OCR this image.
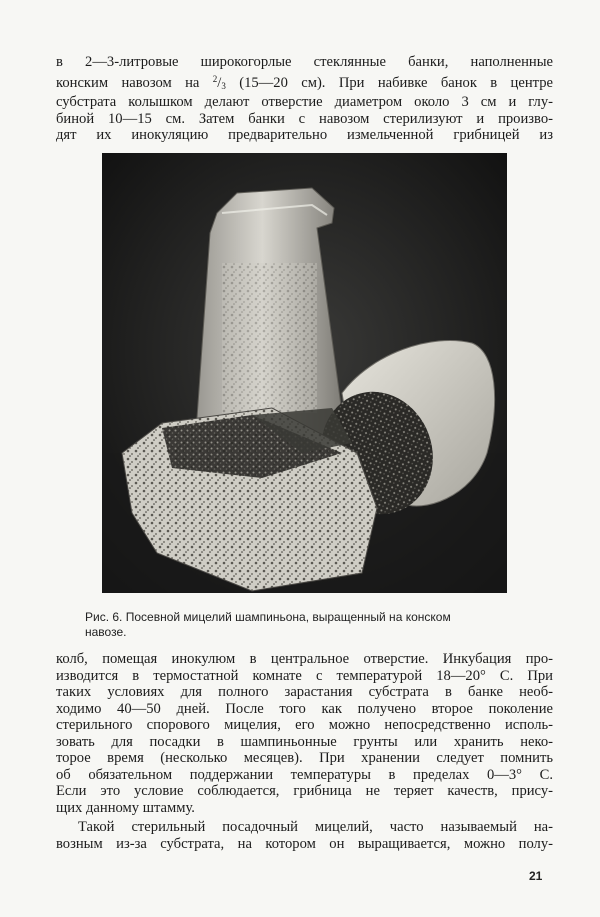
в 2—3-литровые широкогорлые стеклянные банки, наполненные
конским навозом на $^2/_3$ (15—20 см). При набивке банок в центре
субстрата колышком делают отверстие диаметром около 3 см и глу-
биной 10—15 см. Затем банки с навозом стерилизуют и произво-
дят их инокуляцию предварительно измельченной грибницей из
Рис. 6. Посевной мицелий шампиньона, выращенный на конском
навозе.
колб, помещая инокулюм в центральное отверстие. Инкубация про-
изводится в термостатной комнате с температурой 18—20° С. При
таких условиях для полного зарастания субстрата в банке необ-
ходимо 40—50 дней. После того как получено второе поколение
стерильного спорового мицелия, его можно непосредственно исполь-
зовать для посадки в шампиньонные грунты или хранить неко-
торое время (несколько месяцев). При хранении следует помнить
об обязательном поддержании температуры в пределах 0—3° С.
Если это условие соблюдается, грибница не теряет качеств, прису-
щих данному штамму.
Такой стерильный посадочный мицелий, часто называемый на-
возным из-за субстрата, на котором он выращивается, можно полу-
21
